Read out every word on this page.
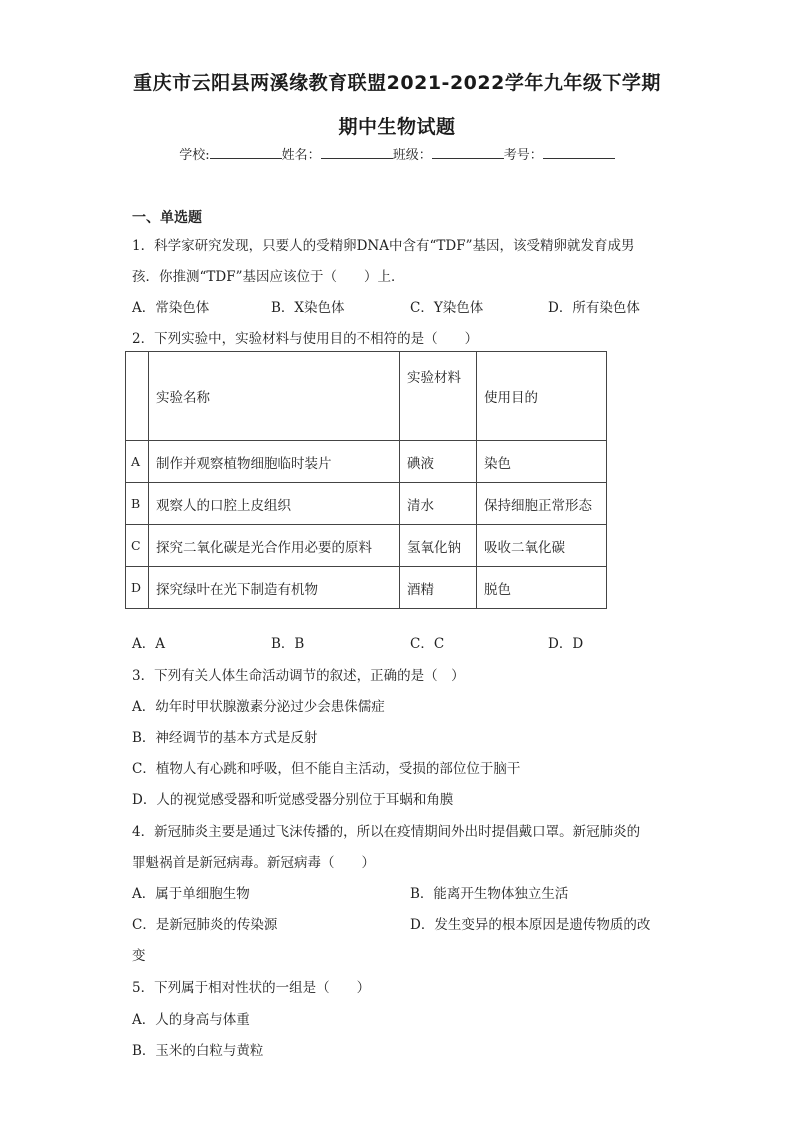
重庆市云阳县两溪缘教育联盟2021-2022学年九年级下学期
期中生物试题
学校:	姓名：	班级：	考号：
一、单选题
1．科学家研究发现，只要人的受精卵DNA中含有“TDF”基因，该受精卵就发育成男
孩．你推测“TDF”基因应该位于（　　）上．
A．常染色体	B．X染色体	C．Y染色体	D．所有染色体
2．下列实验中，实验材料与使用目的不相符的是（　　）
	实验名称	实验材料	使用目的
A	制作并观察植物细胞临时装片	碘液	染色
B	观察人的口腔上皮组织	清水	保持细胞正常形态
C	探究二氧化碳是光合作用必要的原料	氢氧化钠	吸收二氧化碳
D	探究绿叶在光下制造有机物	酒精	脱色
A．A	B．B	C．C	D．D
3．下列有关人体生命活动调节的叙述，正确的是（　）
A．幼年时甲状腺激素分泌过少会患侏儒症
B．神经调节的基本方式是反射
C．植物人有心跳和呼吸，但不能自主活动，受损的部位位于脑干
D．人的视觉感受器和听觉感受器分别位于耳蜗和角膜
4．新冠肺炎主要是通过飞沫传播的，所以在疫情期间外出时提倡戴口罩。新冠肺炎的
罪魁祸首是新冠病毒。新冠病毒（　　）
A．属于单细胞生物	B．能离开生物体独立生活
C．是新冠肺炎的传染源	D．发生变异的根本原因是遗传物质的改
变
5．下列属于相对性状的一组是（　　）
A．人的身高与体重
B．玉米的白粒与黄粒
